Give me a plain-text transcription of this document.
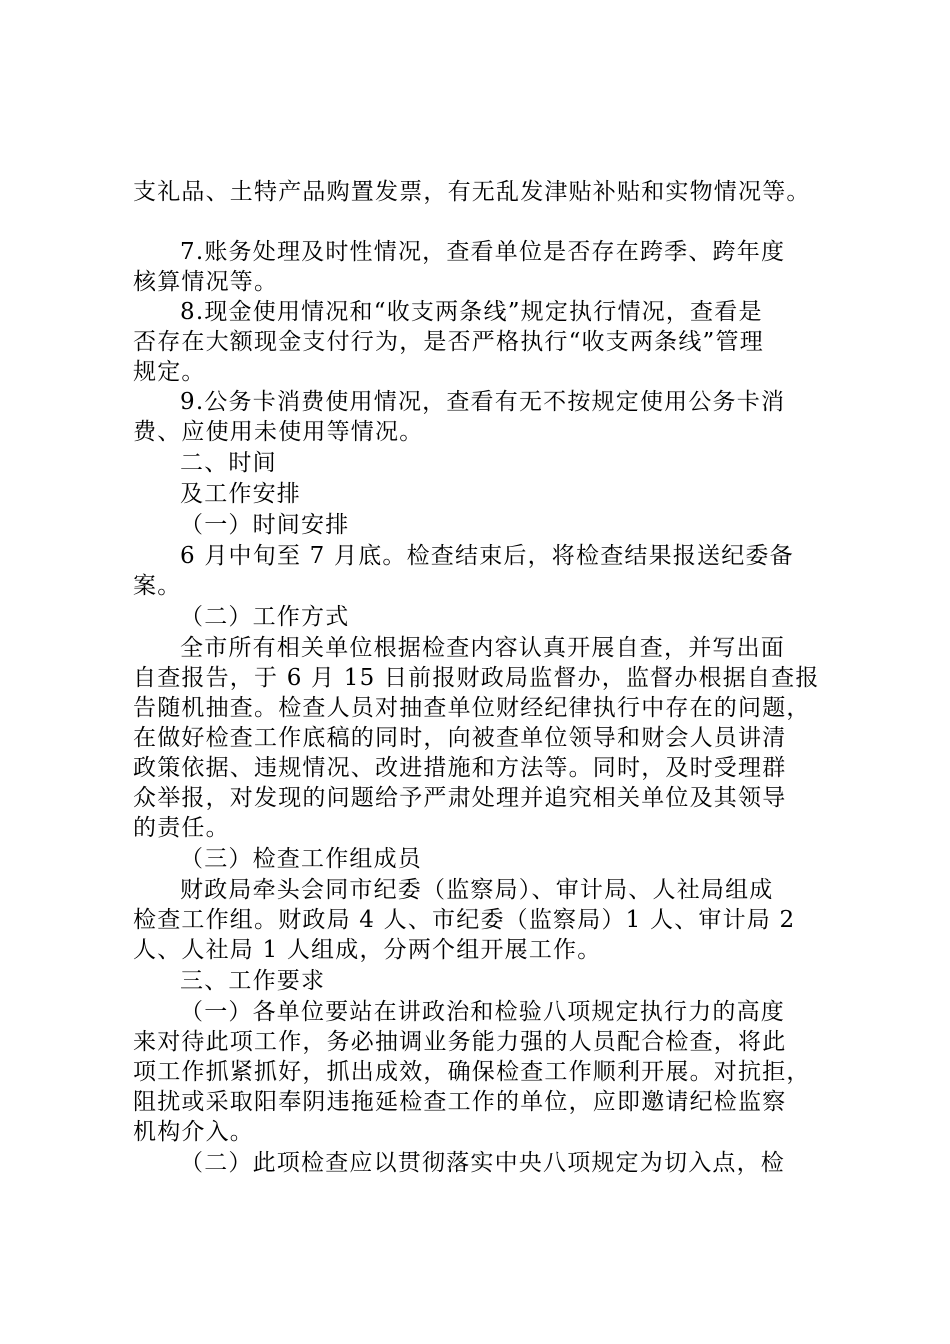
支礼品、土特产品购置发票，有无乱发津贴补贴和实物情况等。
7.账务处理及时性情况，查看单位是否存在跨季、跨年度
核算情况等。
8.现金使用情况和“收支两条线”规定执行情况，查看是
否存在大额现金支付行为，是否严格执行“收支两条线”管理
规定。
9.公务卡消费使用情况，查看有无不按规定使用公务卡消
费、应使用未使用等情况。
二、时间
及工作安排
（一）时间安排
6 月中旬至 7 月底。检查结束后，将检查结果报送纪委备
案。
（二）工作方式
全市所有相关单位根据检查内容认真开展自查，并写出面
自查报告，于 6 月 15 日前报财政局监督办，监督办根据自查报
告随机抽查。检查人员对抽查单位财经纪律执行中存在的问题，
在做好检查工作底稿的同时，向被查单位领导和财会人员讲清
政策依据、违规情况、改进措施和方法等。同时，及时受理群
众举报，对发现的问题给予严肃处理并追究相关单位及其领导
的责任。
（三）检查工作组成员
财政局牵头会同市纪委（监察局）、审计局、人社局组成
检查工作组。财政局 4 人、市纪委（监察局）1 人、审计局 2
人、人社局 1 人组成，分两个组开展工作。
三、工作要求
（一）各单位要站在讲政治和检验八项规定执行力的高度
来对待此项工作，务必抽调业务能力强的人员配合检查，将此
项工作抓紧抓好，抓出成效，确保检查工作顺利开展。对抗拒，
阻扰或采取阳奉阴违拖延检查工作的单位，应即邀请纪检监察
机构介入。
（二）此项检查应以贯彻落实中央八项规定为切入点，检
